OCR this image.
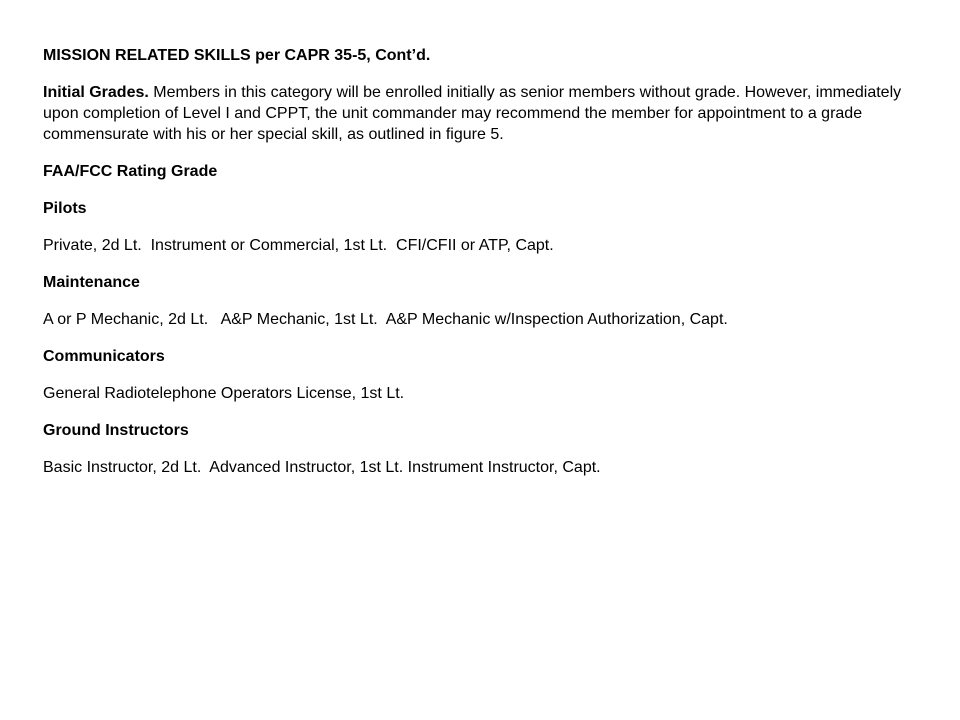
MISSION RELATED SKILLS per CAPR 35-5, Cont’d.
Initial Grades. Members in this category will be enrolled initially as senior members without grade. However, immediately upon completion of Level I and CPPT, the unit commander may recommend the member for appointment to a grade commensurate with his or her special skill, as outlined in figure 5.
FAA/FCC Rating Grade
Pilots
Private, 2d Lt.  Instrument or Commercial, 1st Lt.  CFI/CFII or ATP, Capt.
Maintenance
A or P Mechanic, 2d Lt.   A&P Mechanic, 1st Lt.  A&P Mechanic w/Inspection Authorization, Capt.
Communicators
General Radiotelephone Operators License, 1st Lt.
Ground Instructors
Basic Instructor, 2d Lt.  Advanced Instructor, 1st Lt. Instrument Instructor, Capt.
